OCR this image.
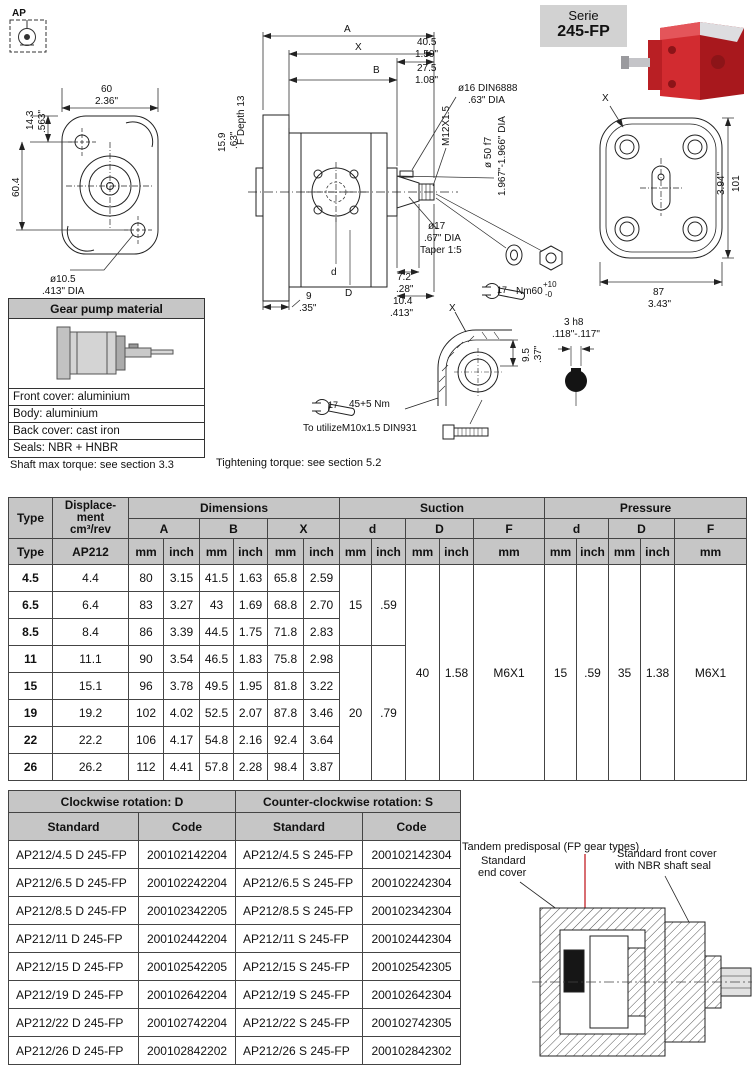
AP
60
2.36"
14.3 .563"
60.4
ø10.5
.413" DIA
A
X	40.5
1.59"
B	27.5
1.08"
ø16 DIN6888
.63" DIA
M12X1.5
F Depth 13
15.9 .63"	ø 50 f7 1.967"-1.966" DIA
ø17
.67" DIA
Taper 1:5
7.2
.28"
10.4
.413"
9
.35"
d
D
X
101
3.94"
87
3.43"
17 Nm60
+10
-0
X
9.5 .37"
3 h8
.118"-.117"
17 45+5 Nm
To utilizeM10x1.5 DIN931
Tightening torque: see section 5.2
Shaft max torque: see section 3.3
Serie
245-FP
Gear pump material
Front cover: aluminium
Body: aluminium
Back cover: cast iron
Seals: NBR + HNBR
Type	Displace-
ment
cm³/rev	Dimensions						Suction					Pressure				
		A		B		X		d		D		F	d		D		F
Type	AP212	mm	inch	mm	inch	mm	inch	mm	inch	mm	inch	mm	mm	inch	mm	inch	mm
4.5	4.4	80	3.15	41.5	1.63	65.8	2.59	15	.59	40	1.58	M6X1	15	.59	35	1.38	M6X1
6.5	6.4	83	3.27	43	1.69	68.8	2.70										
8.5	8.4	86	3.39	44.5	1.75	71.8	2.83										
11	11.1	90	3.54	46.5	1.83	75.8	2.98	20	.79								
15	15.1	96	3.78	49.5	1.95	81.8	3.22										
19	19.2	102	4.02	52.5	2.07	87.8	3.46										
22	22.2	106	4.17	54.8	2.16	92.4	3.64										
26	26.2	112	4.41	57.8	2.28	98.4	3.87										
Clockwise rotation: D		Counter-clockwise rotation: S	
Standard	Code	Standard	Code
AP212/4.5 D 245-FP	200102142204	AP212/4.5 S 245-FP	200102142304
AP212/6.5 D 245-FP	200102242204	AP212/6.5 S 245-FP	200102242304
AP212/8.5 D 245-FP	200102342205	AP212/8.5 S 245-FP	200102342304
AP212/11 D 245-FP	200102442204	AP212/11 S 245-FP	200102442304
AP212/15 D 245-FP	200102542205	AP212/15 S 245-FP	200102542305
AP212/19 D 245-FP	200102642204	AP212/19 S 245-FP	200102642304
AP212/22 D 245-FP	200102742204	AP212/22 S 245-FP	200102742305
AP212/26 D 245-FP	200102842202	AP212/26 S 245-FP	200102842302
Tandem predisposal (FP gear types)
Standard
end cover
Standard front cover
with NBR shaft seal
